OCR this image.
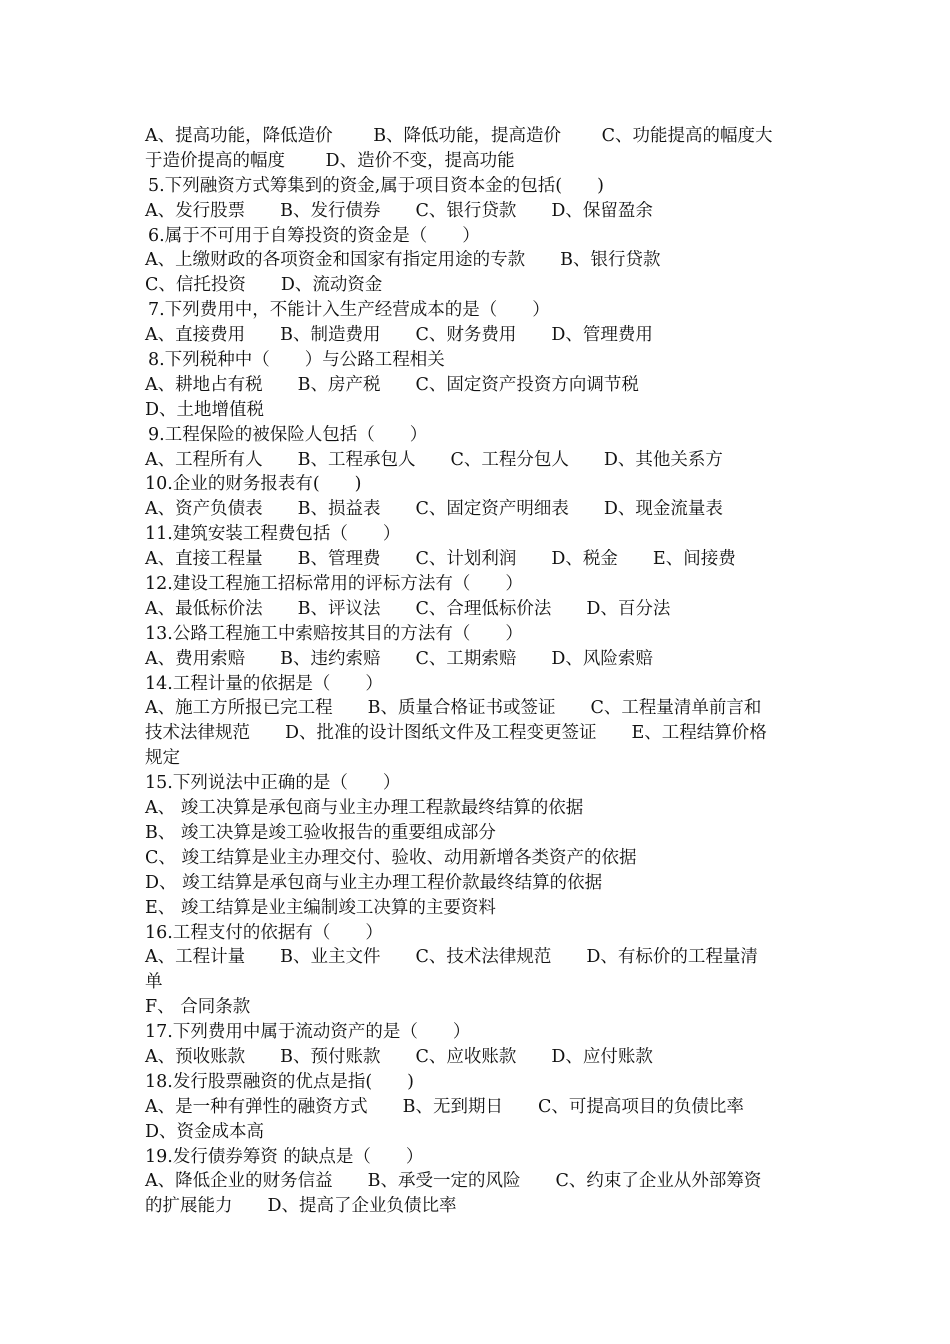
A、提高功能，降低造价　　 B、降低功能，提高造价　　 C、功能提高的幅度大
于造价提高的幅度　　 D、造价不变，提高功能
5.下列融资方式筹集到的资金,属于项目资本金的包括(　　)
A、发行股票　　B、发行债券　　C、银行贷款　　D、保留盈余
6.属于不可用于自筹投资的资金是（　　）
A、上缴财政的各项资金和国家有指定用途的专款　　B、银行贷款
C、信托投资　　D、流动资金
7.下列费用中，不能计入生产经营成本的是（　　）
A、直接费用　　B、制造费用　　C、财务费用　　D、管理费用
8.下列税种中（　　）与公路工程相关
A、耕地占有税　　B、房产税　　C、固定资产投资方向调节税
D、土地增值税
9.工程保险的被保险人包括（　　）
A、工程所有人　　B、工程承包人　　C、工程分包人　　D、其他关系方
10.企业的财务报表有(　　)
A、资产负债表　　B、损益表　　C、固定资产明细表　　D、现金流量表
11.建筑安装工程费包括（　　）
A、直接工程量　　B、管理费　　C、计划利润　　D、税金　　E、间接费
12.建设工程施工招标常用的评标方法有（　　）
A、最低标价法　　B、评议法　　C、合理低标价法　　D、百分法
13.公路工程施工中索赔按其目的方法有（　　）
A、费用索赔　　B、违约索赔　　C、工期索赔　　D、风险索赔
14.工程计量的依据是（　　）
A、施工方所报已完工程　　B、质量合格证书或签证　　C、工程量清单前言和
技术法律规范　　D、批准的设计图纸文件及工程变更签证　　E、工程结算价格
规定
15.下列说法中正确的是（　　）
A、 竣工决算是承包商与业主办理工程款最终结算的依据
B、 竣工决算是竣工验收报告的重要组成部分
C、 竣工结算是业主办理交付、验收、动用新增各类资产的依据
D、 竣工结算是承包商与业主办理工程价款最终结算的依据
E、 竣工结算是业主编制竣工决算的主要资料
16.工程支付的依据有（　　）
A、工程计量　　B、业主文件　　C、技术法律规范　　D、有标价的工程量清
单
F、 合同条款
17.下列费用中属于流动资产的是（　　）
A、预收账款　　B、预付账款　　C、应收账款　　D、应付账款
18.发行股票融资的优点是指(　　)
A、是一种有弹性的融资方式　　B、无到期日　　C、可提高项目的负债比率
D、资金成本高
19.发行债券筹资 的缺点是（　　）
A、降低企业的财务信益　　B、承受一定的风险　　C、约束了企业从外部筹资
的扩展能力　　D、提高了企业负债比率
